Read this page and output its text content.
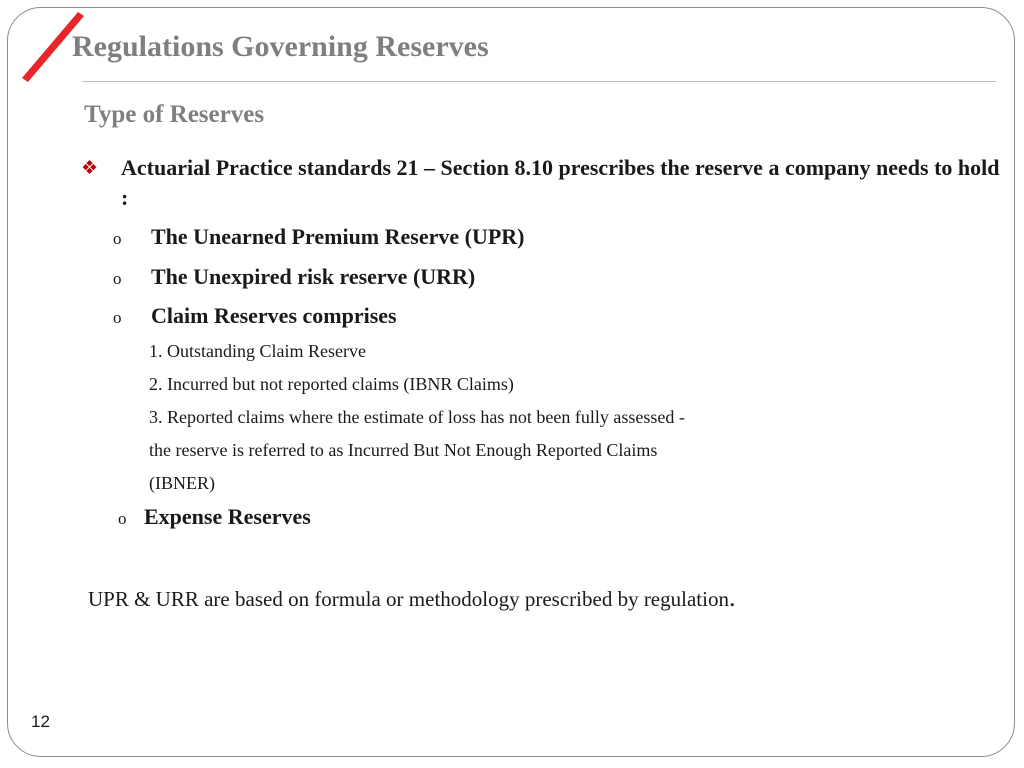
Regulations Governing Reserves
Type of Reserves
❖ Actuarial Practice standards 21 – Section 8.10 prescribes the reserve a company needs to hold :

o The Unearned Premium Reserve (UPR)
o The Unexpired risk reserve (URR)
o Claim Reserves comprises
1. Outstanding Claim Reserve
2. Incurred but not reported claims (IBNR Claims)
3. Reported claims where the estimate of loss has not been fully assessed -
the reserve is referred to as Incurred But Not Enough Reported Claims
(IBNER)
o Expense Reserves

UPR & URR are based on formula or methodology prescribed by regulation.

12
